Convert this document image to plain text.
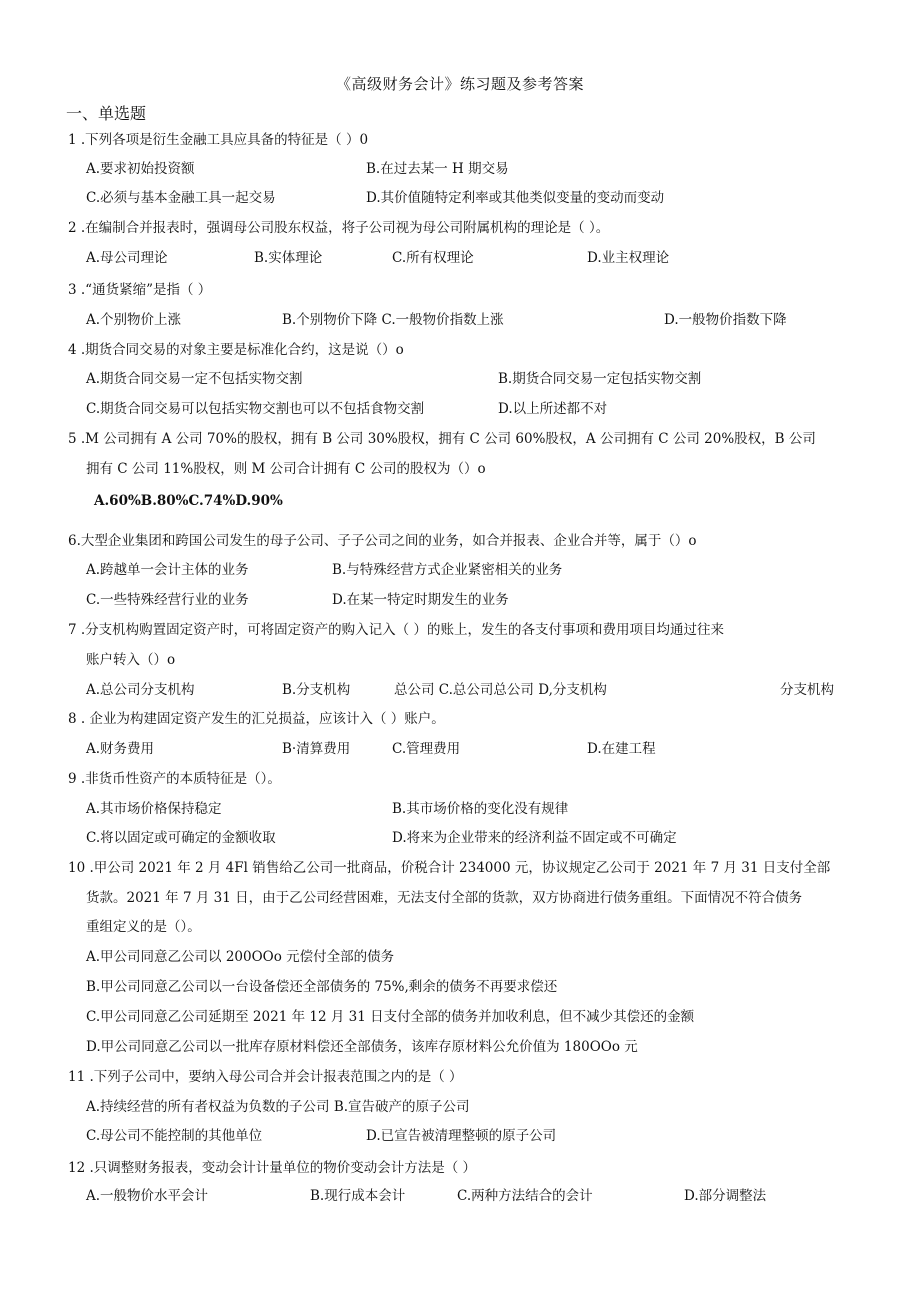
《高级财务会计》练习题及参考答案
一、单选题
1 .下列各项是衍生金融工具应具备的特征是（ ）0
A.要求初始投资额	B.在过去某一 H 期交易
C.必须与基本金融工具一起交易	D.其价值随特定利率或其他类似变量的变动而变动
2 .在编制合并报表时，强调母公司股东权益，将子公司视为母公司附属机构的理论是（ ）。
A.母公司理论	B.实体理论	C.所有权理论	D.业主权理论
3 .“通货紧缩”是指（ ）
A.个别物价上涨	B.个别物价下降 C.一般物价指数上涨	D.一般物价指数下降
4 .期货合同交易的对象主要是标准化合约，这是说（）o
A.期货合同交易一定不包括实物交割	B.期货合同交易一定包括实物交割
C.期货合同交易可以包括实物交割也可以不包括食物交割	D.以上所述都不对
5 .M 公司拥有 A 公司 70%的股权，拥有 B 公司 30%股权，拥有 C 公司 60%股权，A 公司拥有 C 公司 20%股权，B 公司
拥有 C 公司 11%股权，则 M 公司合计拥有 C 公司的股权为（）o
A.60%B.80%C.74%D.90%
6.大型企业集团和跨国公司发生的母子公司、子子公司之间的业务，如合并报表、企业合并等，属于（）o
A.跨越单一会计主体的业务	B.与特殊经营方式企业紧密相关的业务
C.一些特殊经营行业的业务	D.在某一特定时期发生的业务
7 .分支机构购置固定资产时，可将固定资产的购入记入（ ）的账上，发生的各支付事项和费用项目均通过往来
账户转入（）o
A.总公司分支机构	B.分支机构	总公司 C.总公司总公司 D,分支机构	分支机构
8 . 企业为构建固定资产发生的汇兑损益，应该计入（ ）账户。
A.财务费用	B·清算费用	C.管理费用	D.在建工程
9 .非货币性资产的本质特征是（）。
A.其市场价格保持稳定	B.其市场价格的变化没有规律
C.将以固定或可确定的金额收取	D.将来为企业带来的经济利益不固定或不可确定
10 .甲公司 2021 年 2 月 4Fl 销售给乙公司一批商品，价税合计 234000 元，协议规定乙公司于 2021 年 7 月 31 日支付全部
货款。2021 年 7 月 31 日，由于乙公司经营困难，无法支付全部的货款，双方协商进行债务重组。下面情况不符合债务
重组定义的是（）。
A.甲公司同意乙公司以 200OOo 元偿付全部的债务
B.甲公司同意乙公司以一台设备偿还全部债务的 75%,剩余的债务不再要求偿还
C.甲公司同意乙公司延期至 2021 年 12 月 31 日支付全部的债务并加收利息，但不减少其偿还的金额
D.甲公司同意乙公司以一批库存原材料偿还全部债务，该库存原材料公允价值为 180OOo 元
11 .下列子公司中，要纳入母公司合并会计报表范围之内的是（ ）
A.持续经营的所有者权益为负数的子公司 B.宣告破产的原子公司
C.母公司不能控制的其他单位	D.已宣告被清理整顿的原子公司
12 .只调整财务报表，变动会计计量单位的物价变动会计方法是（ ）
A.一般物价水平会计	B.现行成本会计	C.两种方法结合的会计	D.部分调整法
